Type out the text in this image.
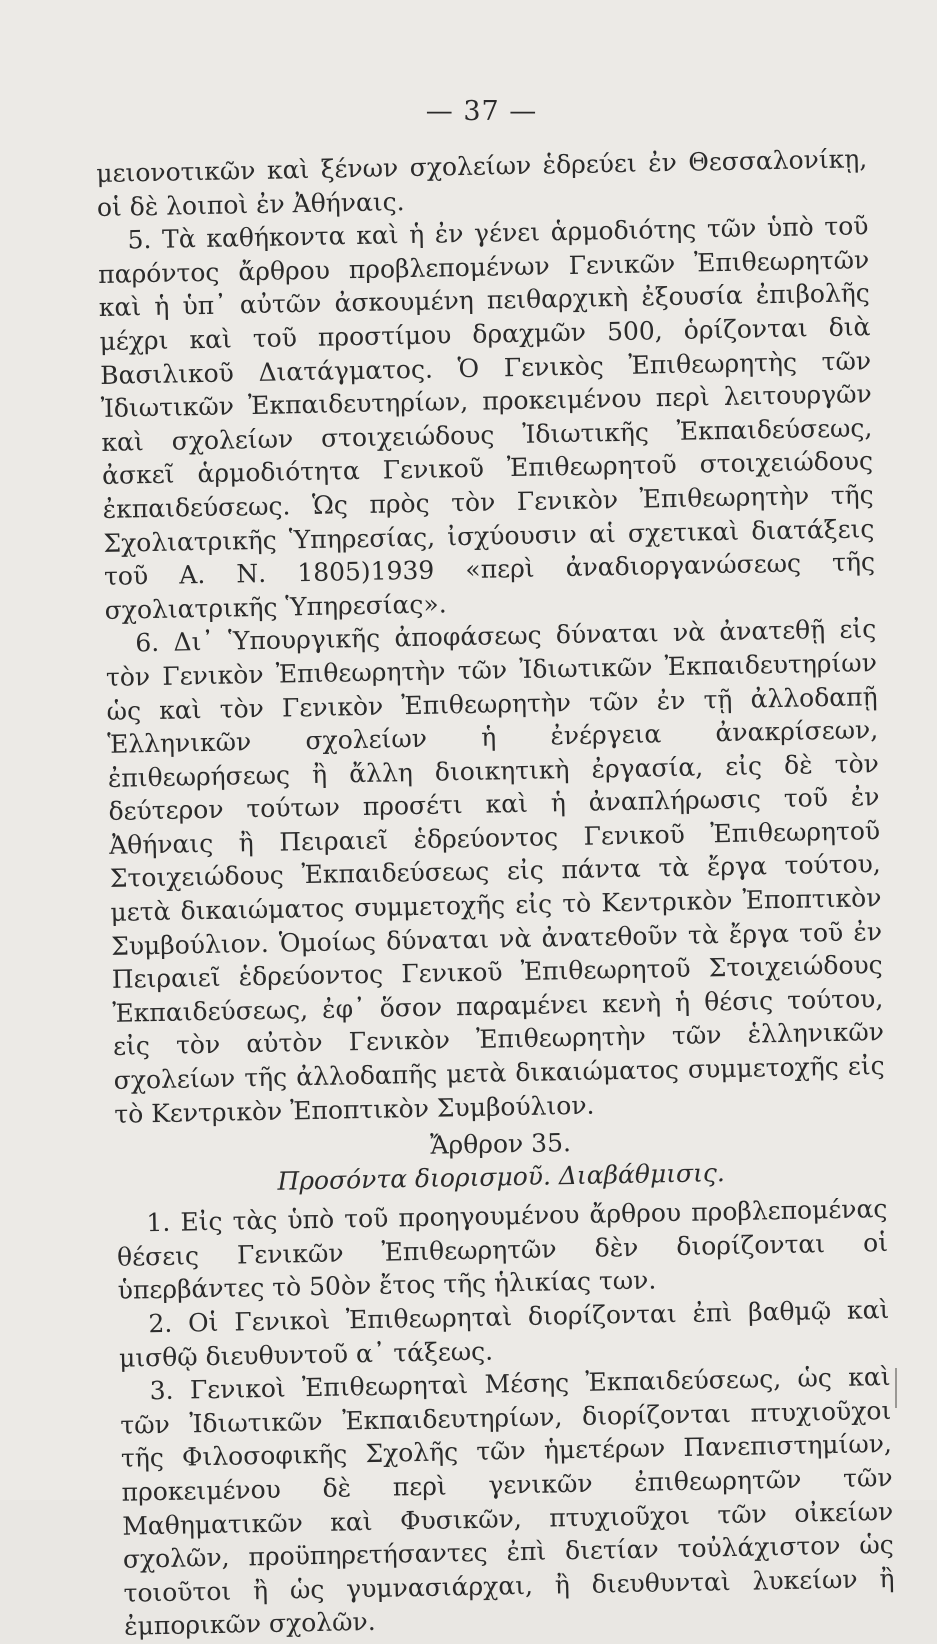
— 37 —

μειονοτικῶν καὶ ξένων σχολείων ἑδρεύει ἐν Θεσσαλονίκῃ, οἱ δὲ λοιποὶ ἐν Ἀθήναις.

5. Τὰ καθήκοντα καὶ ἡ ἐν γένει ἁρμοδιότης τῶν ὑπὸ τοῦ παρόντος ἄρθρου προβλεπομένων Γενικῶν Ἐπιθεωρητῶν καὶ ἡ ὑπ᾽ αὐτῶν ἀσκουμένη πειθαρχικὴ ἐξουσία ἐπιβολῆς μέχρι καὶ τοῦ προστίμου δραχμῶν 500, ὁρίζονται διὰ Βασιλικοῦ Διατάγματος. Ὁ Γενικὸς Ἐπιθεωρητὴς τῶν Ἰδιωτικῶν Ἐκπαιδευτηρίων, προκειμένου περὶ λειτουργῶν καὶ σχολείων στοιχειώδους Ἰδιωτικῆς Ἐκπαιδεύσεως, ἀσκεῖ ἁρμοδιότητα Γενικοῦ Ἐπιθεωρητοῦ στοιχειώδους ἐκπαιδεύσεως. Ὡς πρὸς τὸν Γενικὸν Ἐπιθεωρητὴν τῆς Σχολιατρικῆς Ὑπηρεσίας, ἰσχύουσιν αἱ σχετικαὶ διατάξεις τοῦ Α. Ν. 1805)1939 «περὶ ἀναδιοργανώσεως τῆς σχολιατρικῆς Ὑπηρεσίας».

6. Δι᾽ Ὑπουργικῆς ἀποφάσεως δύναται νὰ ἀνατεθῇ εἰς τὸν Γενικὸν Ἐπιθεωρητὴν τῶν Ἰδιωτικῶν Ἐκπαιδευτηρίων ὡς καὶ τὸν Γενικὸν Ἐπιθεωρητὴν τῶν ἐν τῇ ἀλλοδαπῇ Ἑλληνικῶν σχολείων ἡ ἐνέργεια ἀνακρίσεων, ἐπιθεωρήσεως ἢ ἄλλη διοικητικὴ ἐργασία, εἰς δὲ τὸν δεύτερον τούτων προσέτι καὶ ἡ ἀναπλήρωσις τοῦ ἐν Ἀθήναις ἢ Πειραιεῖ ἑδρεύοντος Γενικοῦ Ἐπιθεωρητοῦ Στοιχειώδους Ἐκπαιδεύσεως εἰς πάντα τὰ ἔργα τούτου, μετὰ δικαιώματος συμμετοχῆς εἰς τὸ Κεντρικὸν Ἐποπτικὸν Συμβούλιον. Ὁμοίως δύναται νὰ ἀνατεθοῦν τὰ ἔργα τοῦ ἐν Πειραιεῖ ἑδρεύοντος Γενικοῦ Ἐπιθεωρητοῦ Στοιχειώδους Ἐκπαιδεύσεως, ἐφ᾽ ὅσον παραμένει κενὴ ἡ θέσις τούτου, εἰς τὸν αὐτὸν Γενικὸν Ἐπιθεωρητὴν τῶν ἑλληνικῶν σχολείων τῆς ἀλλοδαπῆς μετὰ δικαιώματος συμμετοχῆς εἰς τὸ Κεντρικὸν Ἐποπτικὸν Συμβούλιον.

Ἄρθρον 35.
Προσόντα διορισμοῦ. Διαβάθμισις.

1. Εἰς τὰς ὑπὸ τοῦ προηγουμένου ἄρθρου προβλεπομένας θέσεις Γενικῶν Ἐπιθεωρητῶν δὲν διορίζονται οἱ ὑπερβάντες τὸ 50ὸν ἔτος τῆς ἡλικίας των.

2. Οἱ Γενικοὶ Ἐπιθεωρηταὶ διορίζονται ἐπὶ βαθμῷ καὶ μισθῷ διευθυντοῦ α᾽ τάξεως.

3. Γενικοὶ Ἐπιθεωρηταὶ Μέσης Ἐκπαιδεύσεως, ὡς καὶ τῶν Ἰδιωτικῶν Ἐκπαιδευτηρίων, διορίζονται πτυχιοῦχοι τῆς Φιλοσοφικῆς Σχολῆς τῶν ἡμετέρων Πανεπιστημίων, προκειμένου δὲ περὶ γενικῶν ἐπιθεωρητῶν τῶν Μαθηματικῶν καὶ Φυσικῶν, πτυχιοῦχοι τῶν οἰκείων σχολῶν, προϋπηρετήσαντες ἐπὶ διετίαν τοὐλάχιστον ὡς τοιοῦτοι ἢ ὡς γυμνασιάρχαι, ἢ διευθυνταὶ λυκείων ἢ ἐμπορικῶν σχολῶν.
